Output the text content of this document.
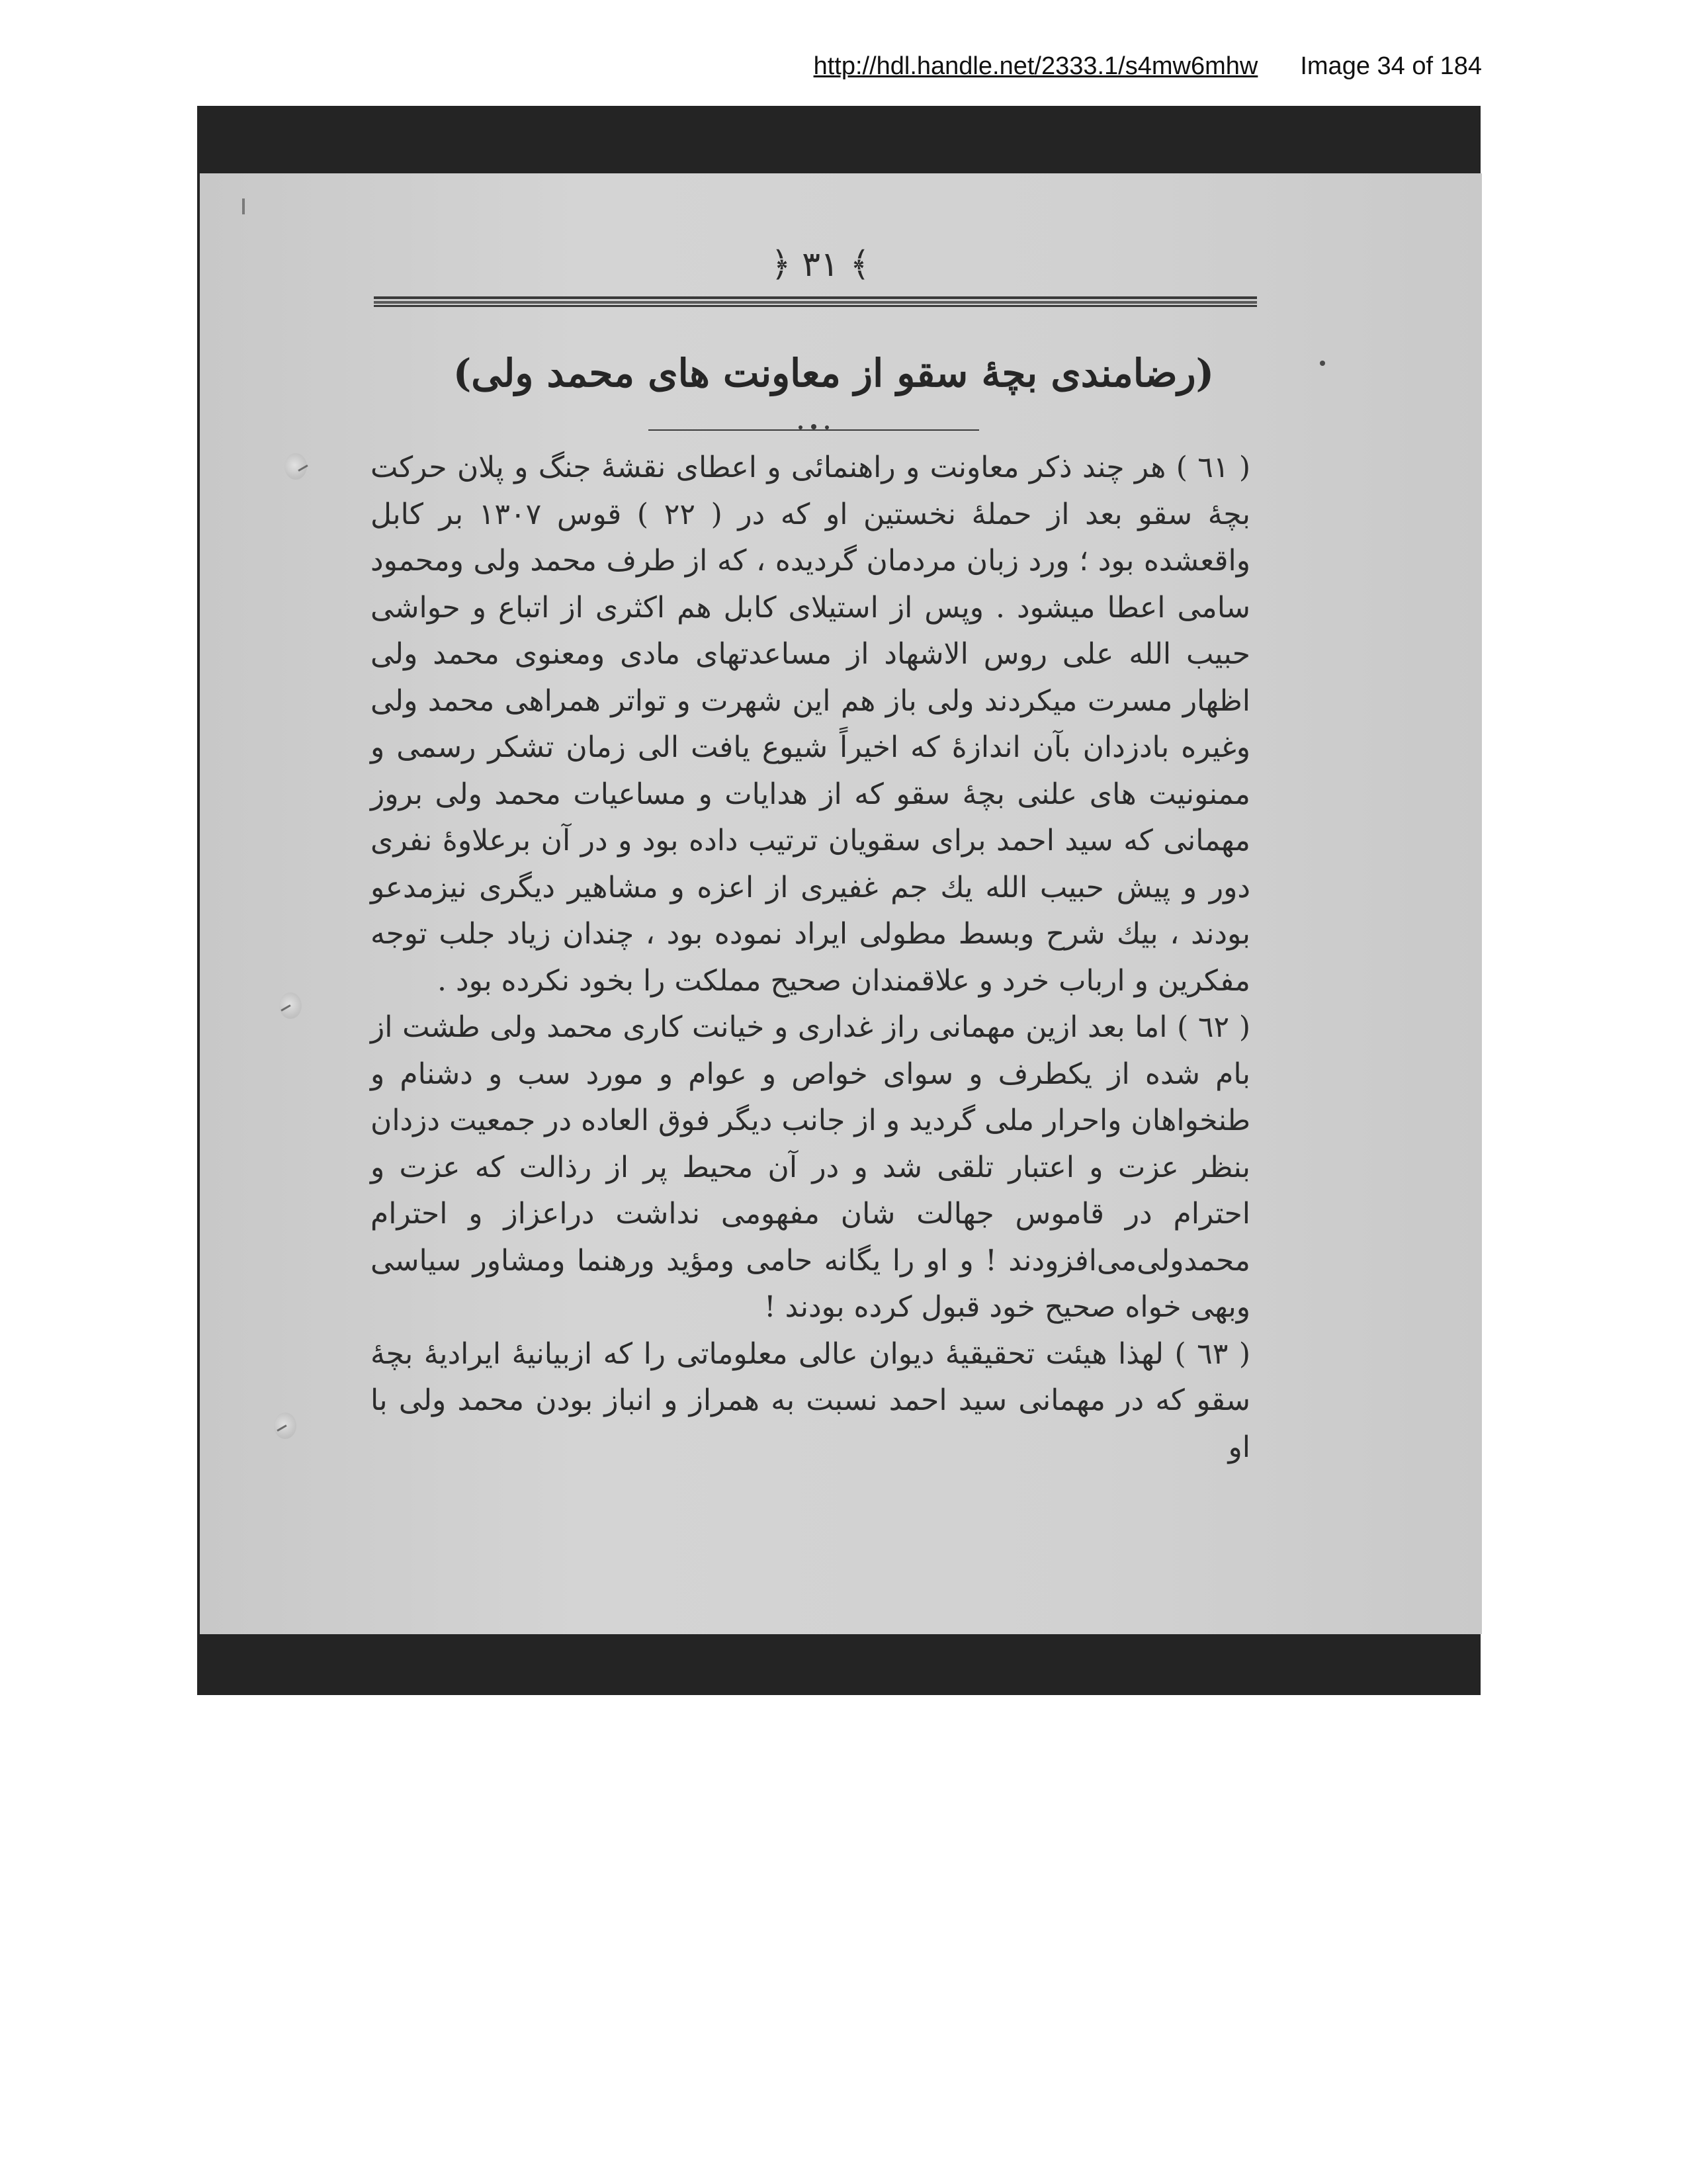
http://hdl.handle.net/2333.1/s4mw6mhw Image 34 of 184
﴿ ٣١ ﴾
(رضامندی بچهٔ سقو از معاونت های محمد ولی)

( ٦١ ) هر چند ذکر معاونت و راهنمائی و اعطای نقشهٔ جنگ و پلان حرکت بچهٔ سقو بعد از حملهٔ نخستین او که در ( ٢٢ ) قوس ١٣٠٧ بر کابل واقعشده بود ؛ ورد زبان مردمان گردیده ، که از طرف محمد ولی ومحمود سامی اعطا میشود . وپس از استیلای کابل هم اکثری از اتباع و حواشی حبیب الله علی روس الاشهاد از مساعدتهای مادی ومعنوی محمد ولی اظهار مسرت میکردند ولی باز هم این شهرت و تواتر همراهی محمد ولی وغیره بادزدان بآن اندازهٔ که اخیراً شیوع یافت الی زمان تشکر رسمی و ممنونیت های علنی بچهٔ سقو که از هدایات و مساعیات محمد ولی بروز مهمانی که سید احمد برای سقویان ترتیب داده بود و در آن برعلاوهٔ نفری دور و پیش حبیب الله یك جم غفیری از اعزه و مشاهیر دیگری نیزمدعو بودند ، بیك شرح وبسط مطولی ایراد نموده بود ، چندان زیاد جلب توجه مفکرین و ارباب خرد و علاقمندان صحیح مملکت را بخود نکرده بود .

( ٦٢ ) اما بعد ازین مهمانی راز غداری و خیانت کاری محمد ولی طشت از بام شده از یکطرف و سوای خواص و عوام و مورد سب و دشنام و طنخواهان واحرار ملی گردید و از جانب دیگر فوق العاده در جمعیت دزدان بنظر عزت و اعتبار تلقی شد و در آن محیط پر از رذالت که عزت و احترام در قاموس جهالت شان مفهومی نداشت دراعزاز و احترام محمدولی‌می‌افزودند ! و او را یگانه حامی ومؤید ورهنما ومشاور سیاسی وبهی خواه صحیح خود قبول کرده بودند !

( ٦٣ ) لهذا هیئت تحقیقیهٔ دیوان عالی معلوماتی را که ازبیانیهٔ ایرادیهٔ بچهٔ سقو که در مهمانی سید احمد نسبت به همراز و انباز بودن محمد ولی با او
